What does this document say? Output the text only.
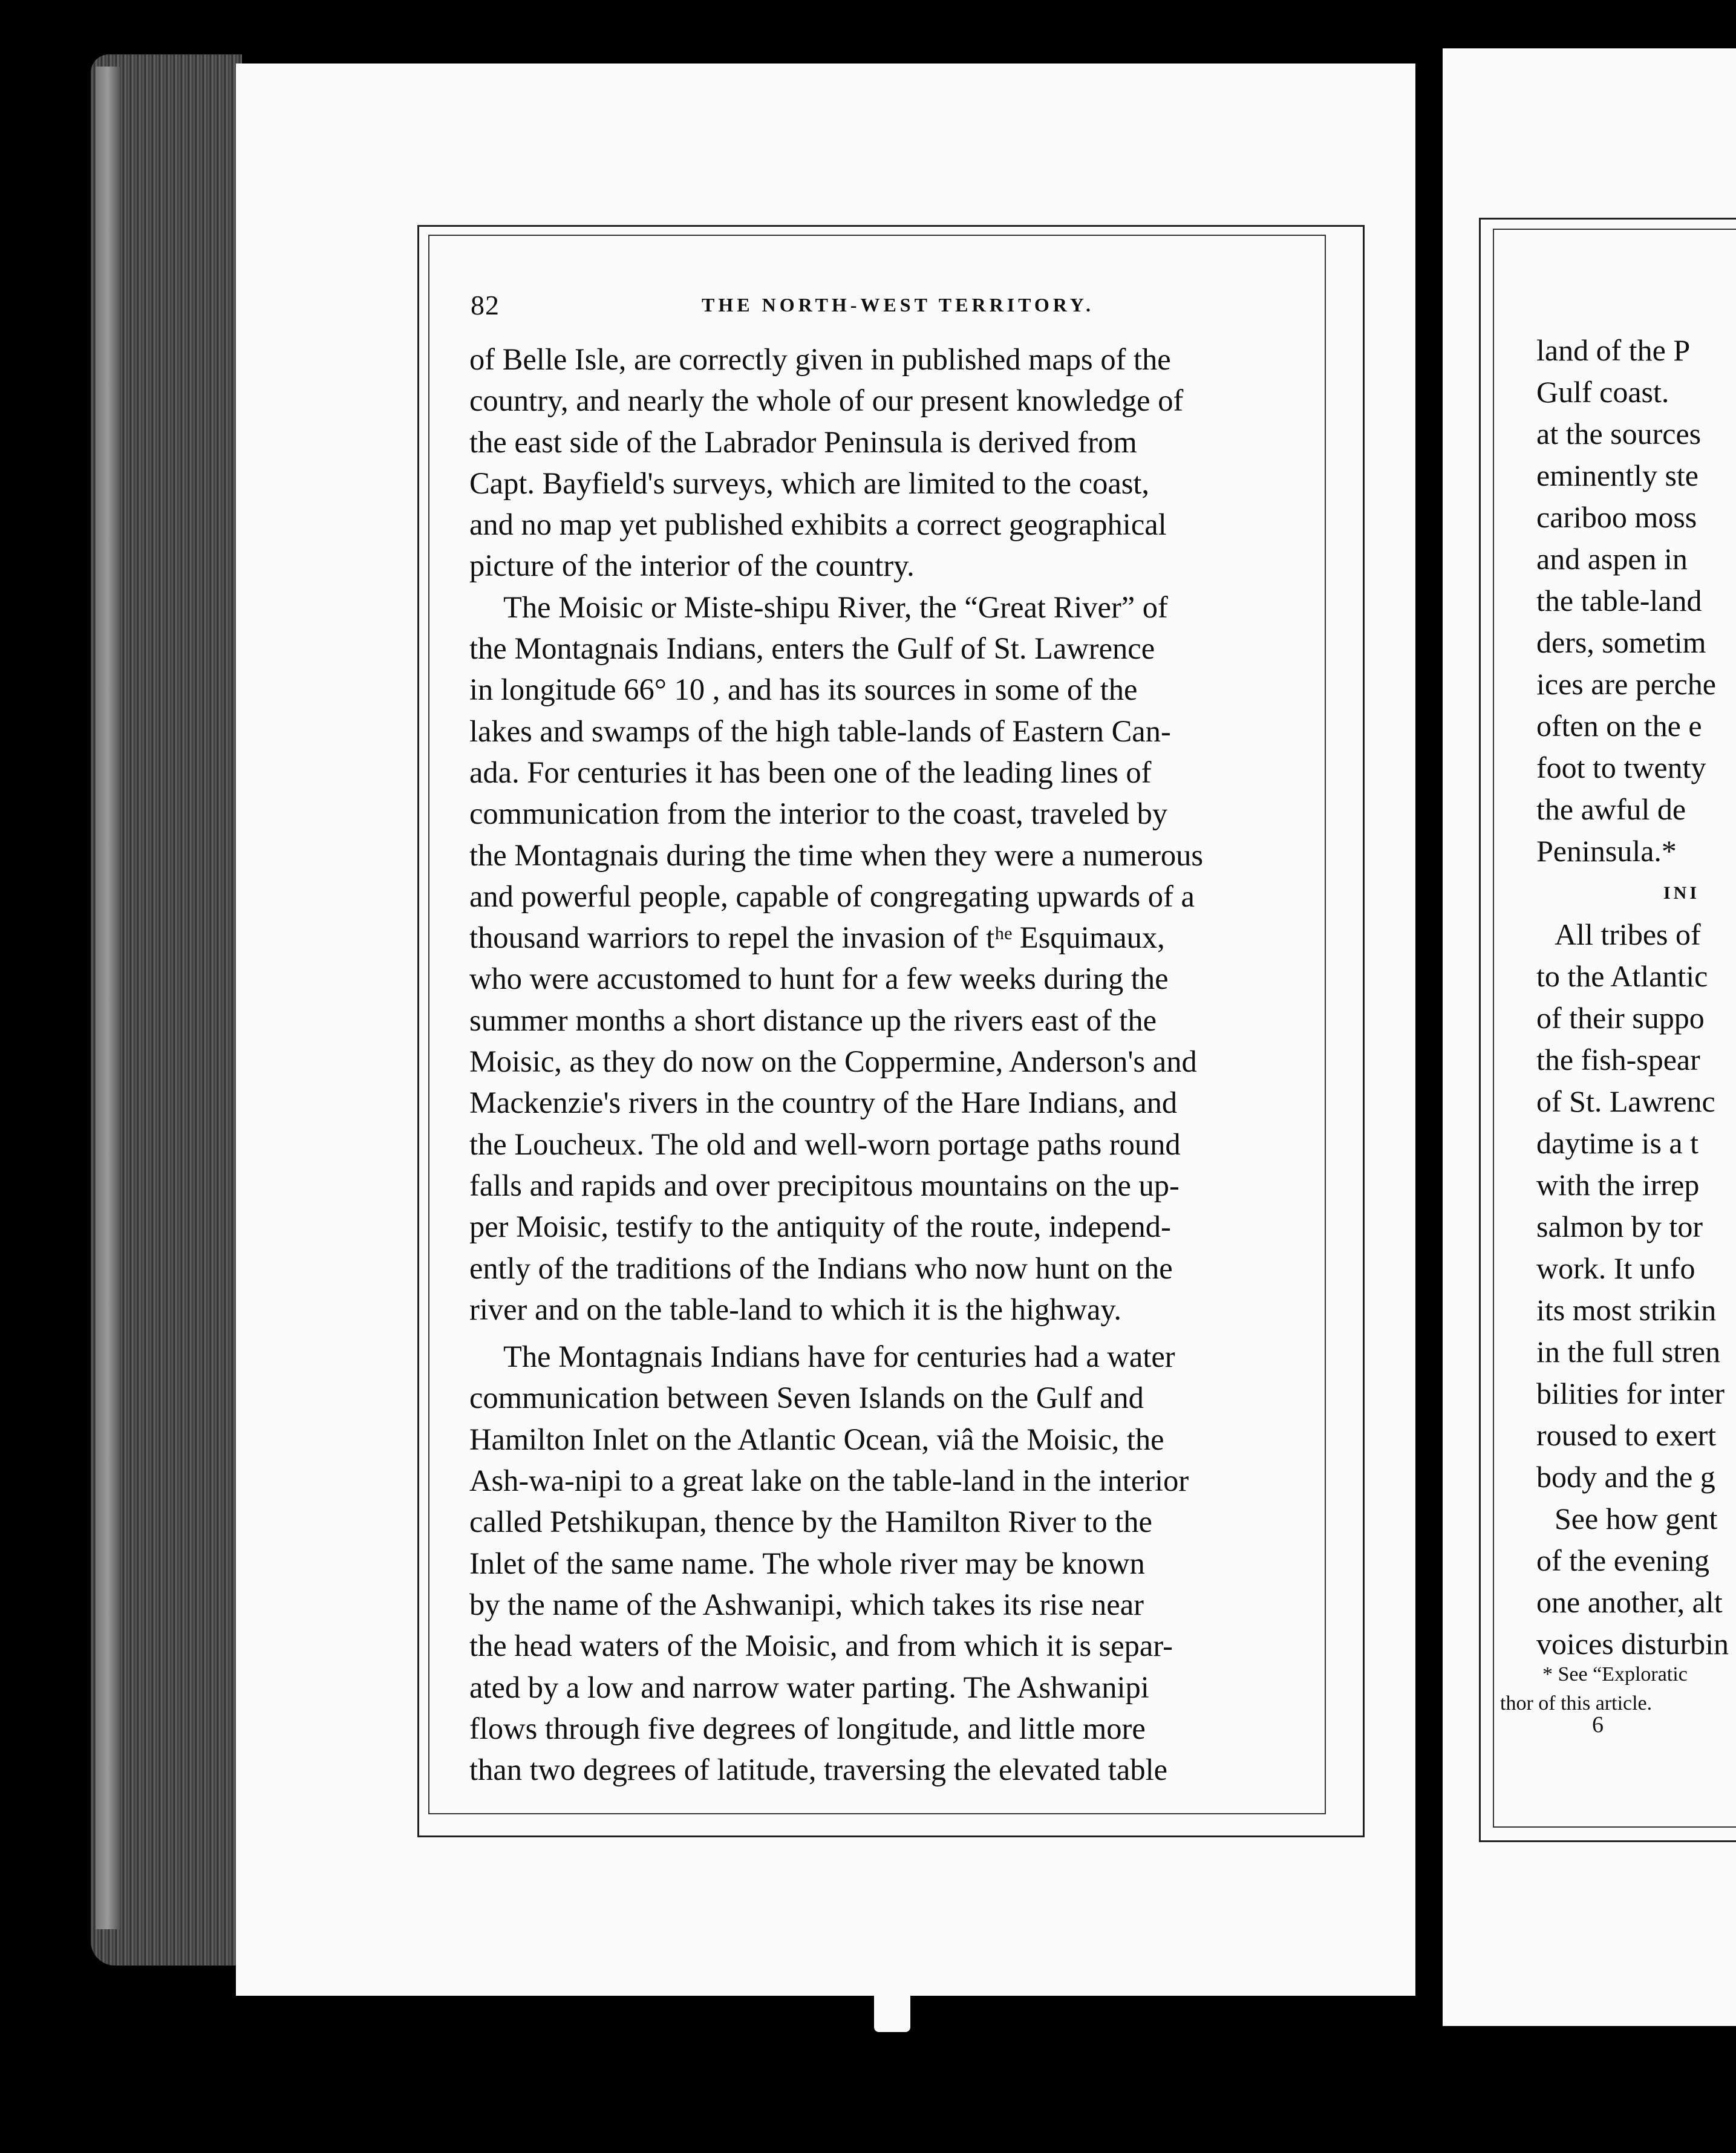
82	THE NORTH-WEST TERRITORY.
of Belle Isle, are correctly given in published maps of the
country, and nearly the whole of our present knowledge of
the east side of the Labrador Peninsula is derived from
Capt. Bayfield's surveys, which are limited to the coast,
and no map yet published exhibits a correct geographical
picture of the interior of the country.
The Moisic or Miste-shipu River, the “Great River” of
the Montagnais Indians, enters the Gulf of St. Lawrence
in longitude 66° 10 , and has its sources in some of the
lakes and swamps of the high table-lands of Eastern Can-
ada. For centuries it has been one of the leading lines of
communication from the interior to the coast, traveled by
the Montagnais during the time when they were a numerous
and powerful people, capable of congregating upwards of a
thousand warriors to repel the invasion of tʰᵉ Esquimaux,
who were accustomed to hunt for a few weeks during the
summer months a short distance up the rivers east of the
Moisic, as they do now on the Coppermine, Anderson's and
Mackenzie's rivers in the country of the Hare Indians, and
the Loucheux. The old and well-worn portage paths round
falls and rapids and over precipitous mountains on the up-
per Moisic, testify to the antiquity of the route, independ-
ently of the traditions of the Indians who now hunt on the
river and on the table-land to which it is the highway.
The Montagnais Indians have for centuries had a water
communication between Seven Islands on the Gulf and
Hamilton Inlet on the Atlantic Ocean, viâ the Moisic, the
Ash-wa-nipi to a great lake on the table-land in the interior
called Petshikupan, thence by the Hamilton River to the
Inlet of the same name. The whole river may be known
by the name of the Ashwanipi, which takes its rise near
the head waters of the Moisic, and from which it is separ-
ated by a low and narrow water parting. The Ashwanipi
flows through five degrees of longitude, and little more
than two degrees of latitude, traversing the elevated table
land of the P
Gulf coast.
at the sources
eminently ste
cariboo moss
and aspen in
the table-land
ders, sometim
ices are perche
often on the e
foot to twenty
the awful de
Peninsula.*
INI
All tribes of
to the Atlantic
of their suppo
the fish-spear
of St. Lawrenc
daytime is a t
with the irrep
salmon by tor
work. It unfo
its most strikin
in the full stren
bilities for inter
roused to exert
body and the g
See how gent
of the evening
one another, alt
voices disturbin
* See “Exploratic
thor of this article.
6
